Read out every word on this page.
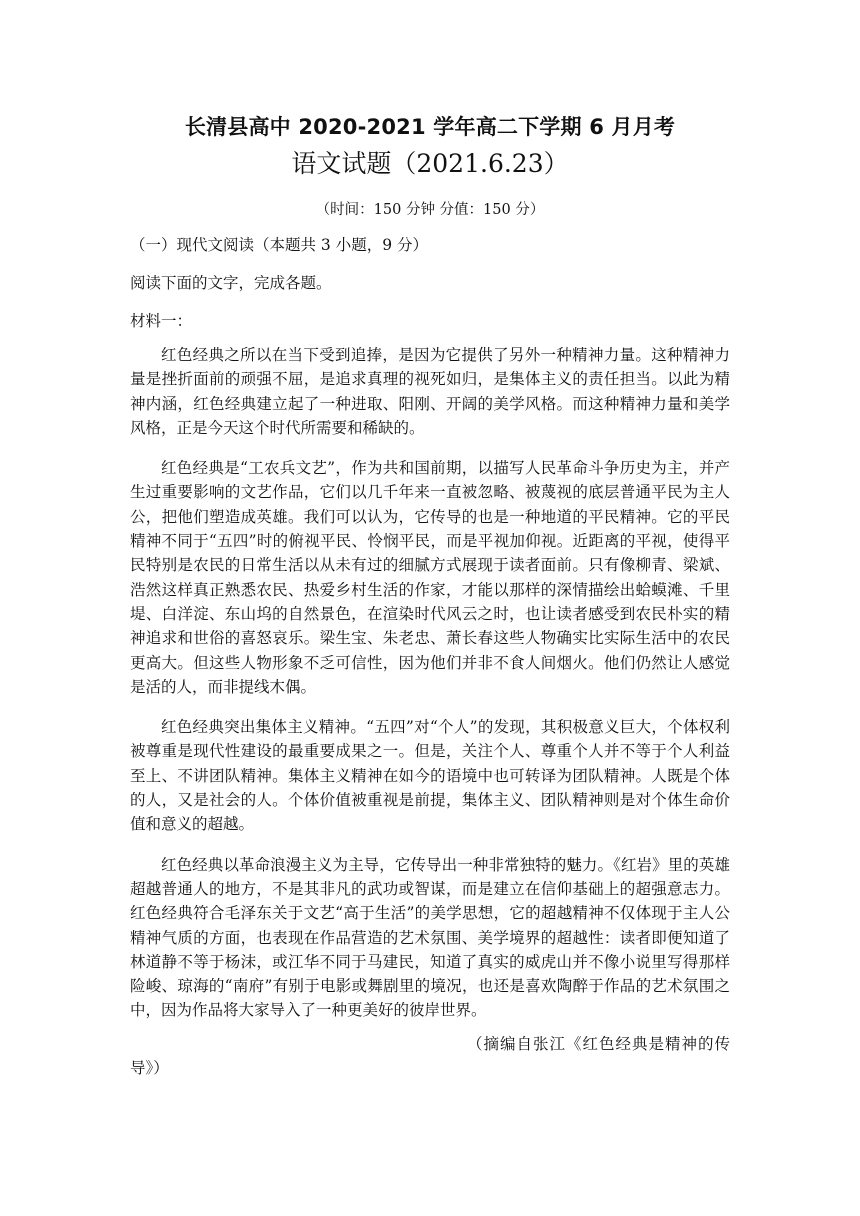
长清县高中 2020-2021 学年高二下学期 6 月月考
语文试题（2021.6.23）
（时间：150 分钟 分值：150 分）
（一）现代文阅读（本题共 3 小题，9 分）
阅读下面的文字，完成各题。
材料一：

红色经典之所以在当下受到追捧，是因为它提供了另外一种精神力量。这种精神力量是挫折面前的顽强不屈，是追求真理的视死如归，是集体主义的责任担当。以此为精神内涵，红色经典建立起了一种进取、阳刚、开阔的美学风格。而这种精神力量和美学风格，正是今天这个时代所需要和稀缺的。

红色经典是“工农兵文艺”，作为共和国前期，以描写人民革命斗争历史为主，并产生过重要影响的文艺作品，它们以几千年来一直被忽略、被蔑视的底层普通平民为主人公，把他们塑造成英雄。我们可以认为，它传导的也是一种地道的平民精神。它的平民精神不同于“五四”时的俯视平民、怜悯平民，而是平视加仰视。近距离的平视，使得平民特别是农民的日常生活以从未有过的细腻方式展现于读者面前。只有像柳青、梁斌、浩然这样真正熟悉农民、热爱乡村生活的作家，才能以那样的深情描绘出蛤蟆滩、千里堤、白洋淀、东山坞的自然景色，在渲染时代风云之时，也让读者感受到农民朴实的精神追求和世俗的喜怒哀乐。梁生宝、朱老忠、萧长春这些人物确实比实际生活中的农民更高大。但这些人物形象不乏可信性，因为他们并非不食人间烟火。他们仍然让人感觉是活的人，而非提线木偶。

红色经典突出集体主义精神。“五四”对“个人”的发现，其积极意义巨大，个体权利被尊重是现代性建设的最重要成果之一。但是，关注个人、尊重个人并不等于个人利益至上、不讲团队精神。集体主义精神在如今的语境中也可转译为团队精神。人既是个体的人，又是社会的人。个体价值被重视是前提，集体主义、团队精神则是对个体生命价值和意义的超越。

红色经典以革命浪漫主义为主导，它传导出一种非常独特的魅力。《红岩》里的英雄超越普通人的地方，不是其非凡的武功或智谋，而是建立在信仰基础上的超强意志力。红色经典符合毛泽东关于文艺“高于生活”的美学思想，它的超越精神不仅体现于主人公精神气质的方面，也表现在作品营造的艺术氛围、美学境界的超越性：读者即便知道了林道静不等于杨沫，或江华不同于马建民，知道了真实的威虎山并不像小说里写得那样险峻、琼海的“南府”有别于电影或舞剧里的境况，也还是喜欢陶醉于作品的艺术氛围之中，因为作品将大家导入了一种更美好的彼岸世界。

（摘编自张江《红色经典是精神的传导》）
